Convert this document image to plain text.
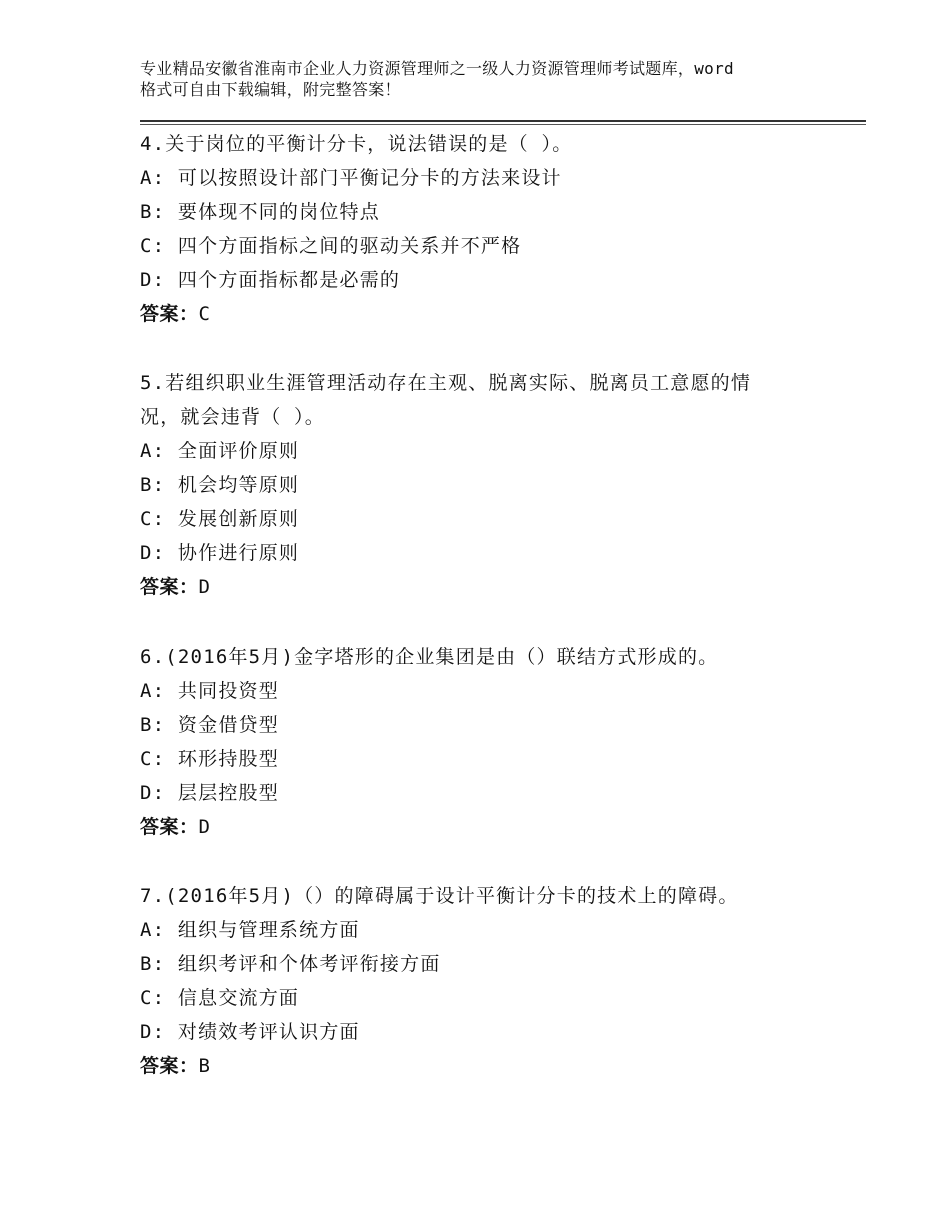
专业精品安徽省淮南市企业人力资源管理师之一级人力资源管理师考试题库，word
格式可自由下载编辑，附完整答案！
4.关于岗位的平衡计分卡，说法错误的是（ ）。
A: 可以按照设计部门平衡记分卡的方法来设计
B: 要体现不同的岗位特点
C: 四个方面指标之间的驱动关系并不严格
D: 四个方面指标都是必需的
答案：C
5.若组织职业生涯管理活动存在主观、脱离实际、脱离员工意愿的情
况，就会违背（ ）。
A: 全面评价原则
B: 机会均等原则
C: 发展创新原则
D: 协作进行原则
答案：D
6.(2016年5月)金字塔形的企业集团是由（）联结方式形成的。
A: 共同投资型
B: 资金借贷型
C: 环形持股型
D: 层层控股型
答案：D
7.(2016年5月)（）的障碍属于设计平衡计分卡的技术上的障碍。
A: 组织与管理系统方面
B: 组织考评和个体考评衔接方面
C: 信息交流方面
D: 对绩效考评认识方面
答案：B
